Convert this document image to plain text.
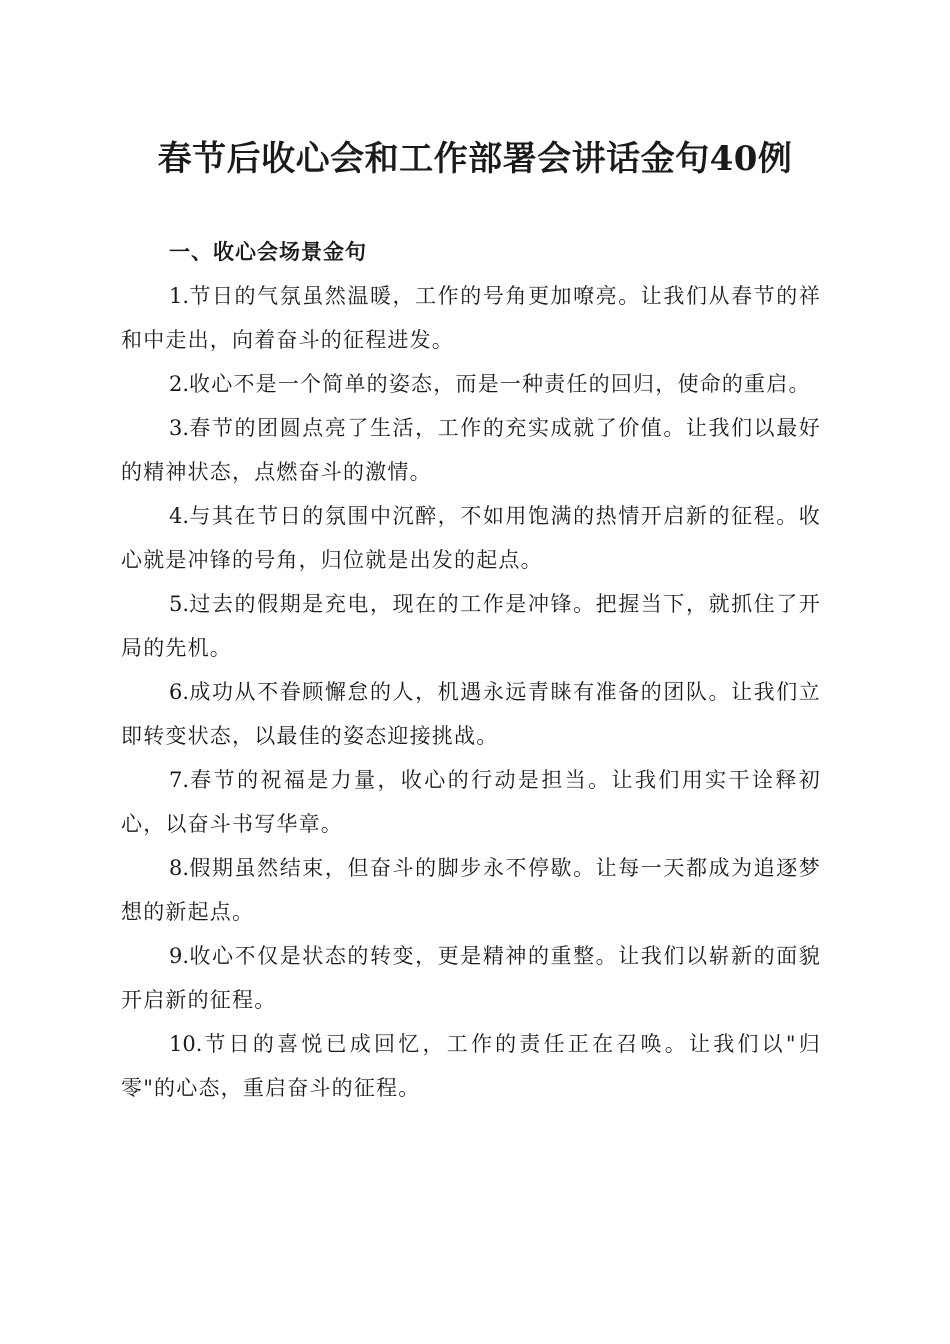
春节后收心会和工作部署会讲话金句40例

一、收心会场景金句

1.节日的气氛虽然温暖，工作的号角更加嘹亮。让我们从春节的祥和中走出，向着奋斗的征程进发。

2.收心不是一个简单的姿态，而是一种责任的回归，使命的重启。

3.春节的团圆点亮了生活，工作的充实成就了价值。让我们以最好的精神状态，点燃奋斗的激情。

4.与其在节日的氛围中沉醉，不如用饱满的热情开启新的征程。收心就是冲锋的号角，归位就是出发的起点。

5.过去的假期是充电，现在的工作是冲锋。把握当下，就抓住了开局的先机。

6.成功从不眷顾懈怠的人，机遇永远青睐有准备的团队。让我们立即转变状态，以最佳的姿态迎接挑战。

7.春节的祝福是力量，收心的行动是担当。让我们用实干诠释初心，以奋斗书写华章。

8.假期虽然结束，但奋斗的脚步永不停歇。让每一天都成为追逐梦想的新起点。

9.收心不仅是状态的转变，更是精神的重整。让我们以崭新的面貌开启新的征程。

10.节日的喜悦已成回忆，工作的责任正在召唤。让我们以"归零"的心态，重启奋斗的征程。
